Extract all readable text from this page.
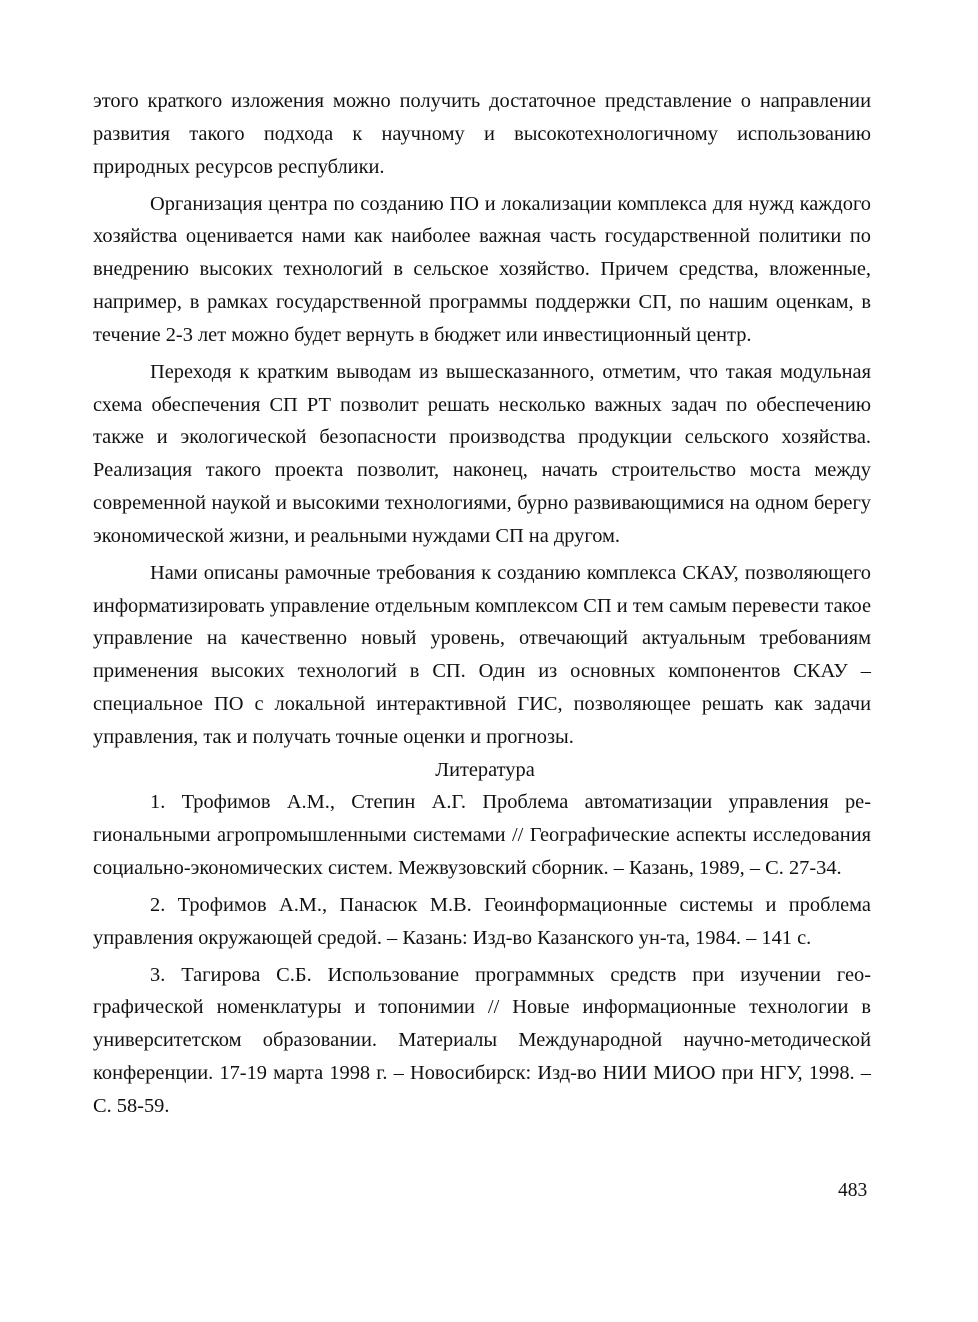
этого краткого изложения можно получить достаточное представление о направлении развития такого подхода к научному и высокотехнологичному использованию природных ресурсов республики.

Организация центра по созданию ПО и локализации комплекса для нужд каждого хозяйства оценивается нами как наиболее важная часть государственной политики по внедрению высоких технологий в сельское хозяйство. Причем средства, вложенные, например, в рамках государственной программы поддержки СП, по нашим оценкам, в течение 2-3 лет можно будет вернуть в бюджет или инвестиционный центр.

Переходя к кратким выводам из вышесказанного, отметим, что такая модульная схема обеспечения СП РТ позволит решать несколько важных задач по обеспечению также и экологической безопасности производства продукции сельского хозяйства. Реализация такого проекта позволит, наконец, начать строительство моста между современной наукой и высокими технологиями, бурно развивающимися на одном берегу экономической жизни, и реальными нуждами СП на другом.

Нами описаны рамочные требования к созданию комплекса СКАУ, позволяющего информатизировать управление отдельным комплексом СП и тем самым перевести такое управление на качественно новый уровень, отвечающий актуальным требованиям применения высоких технологий в СП. Один из основных компонентов СКАУ – специальное ПО с локальной интерактивной ГИС, позволяющее решать как задачи управления, так и получать точные оценки и прогнозы.

Литература

1. Трофимов А.М., Степин А.Г. Проблема автоматизации управления региональными агропромышленными системами // Географические аспекты исследования социально-экономических систем. Межвузовский сборник. – Казань, 1989, – С. 27-34.

2. Трофимов А.М., Панасюк М.В. Геоинформационные системы и проблема управления окружающей средой. – Казань: Изд-во Казанского ун-та, 1984. – 141 с.

3. Тагирова С.Б. Использование программных средств при изучении географической номенклатуры и топонимии // Новые информационные технологии в университетском образовании. Материалы Международной научно-методической конференции. 17-19 марта 1998 г. – Новосибирск: Изд-во НИИ МИОО при НГУ, 1998. – С. 58-59.

483
